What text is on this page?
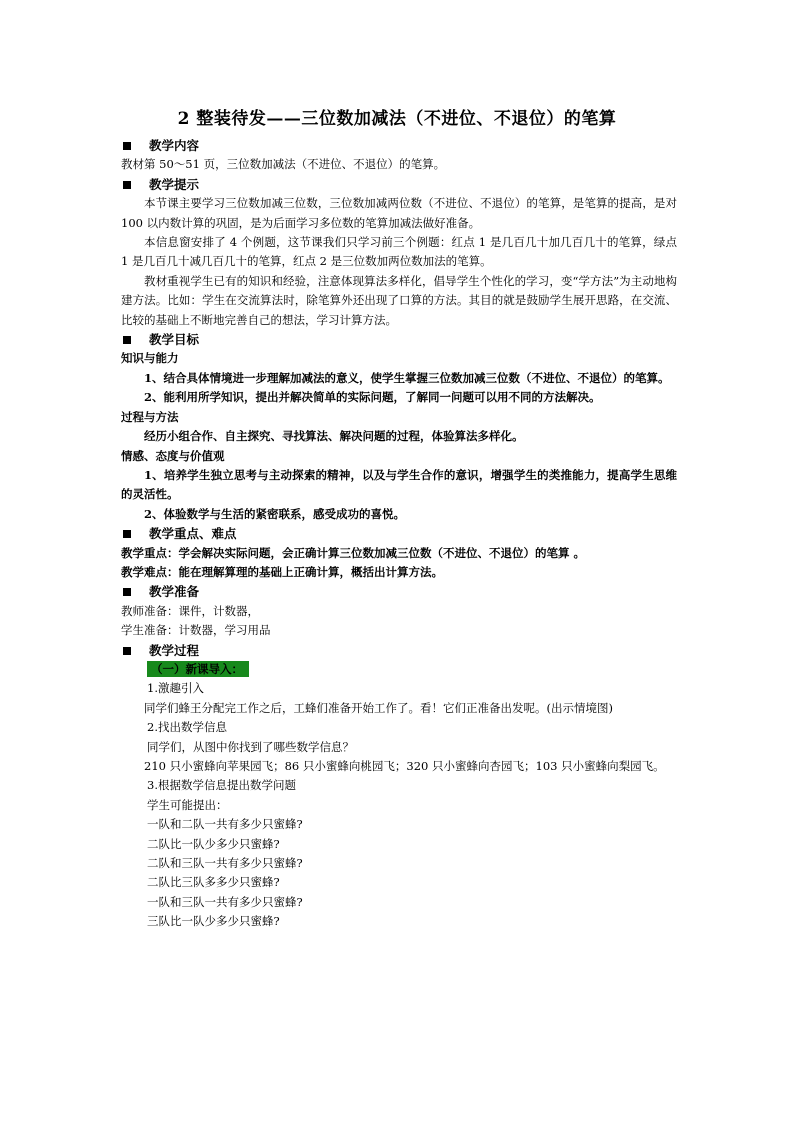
2 整装待发——三位数加减法（不进位、不退位）的笔算

教学内容

教材第 50～51 页，三位数加减法（不进位、不退位）的笔算。

教学提示

本节课主要学习三位数加减三位数，三位数加减两位数（不进位、不退位）的笔算，是笔算的提高，是对 100 以内数计算的巩固，是为后面学习多位数的笔算加减法做好准备。

本信息窗安排了 4 个例题，这节课我们只学习前三个例题：红点 1 是几百几十加几百几十的笔算，绿点 1 是几百几十减几百几十的笔算，红点 2 是三位数加两位数加法的笔算。

教材重视学生已有的知识和经验，注意体现算法多样化，倡导学生个性化的学习，变“学方法”为主动地构建方法。比如：学生在交流算法时，除笔算外还出现了口算的方法。其目的就是鼓励学生展开思路，在交流、比较的基础上不断地完善自己的想法，学习计算方法。

教学目标

知识与能力

1、结合具体情境进一步理解加减法的意义，使学生掌握三位数加减三位数（不进位、不退位）的笔算。

2、能利用所学知识，提出并解决简单的实际问题，了解同一问题可以用不同的方法解决。

过程与方法

经历小组合作、自主探究、寻找算法、解决问题的过程，体验算法多样化。

情感、态度与价值观

1、培养学生独立思考与主动探索的精神，以及与学生合作的意识，增强学生的类推能力，提高学生思维的灵活性。

2、体验数学与生活的紧密联系，感受成功的喜悦。

教学重点、难点

教学重点：学会解决实际问题，会正确计算三位数加减三位数（不进位、不退位）的笔算 。

教学难点：能在理解算理的基础上正确计算，概括出计算方法。

教学准备

教师准备：课件，计数器，

学生准备：计数器，学习用品

教学过程

（一）新课导入：

1.激趣引入

同学们蜂王分配完工作之后，工蜂们准备开始工作了。看！它们正准备出发呢。(出示情境图)

2.找出数学信息

同学们，从图中你找到了哪些数学信息？

210 只小蜜蜂向苹果园飞；86 只小蜜蜂向桃园飞；320 只小蜜蜂向杏园飞；103 只小蜜蜂向梨园飞。

3.根据数学信息提出数学问题

学生可能提出：

一队和二队一共有多少只蜜蜂?

二队比一队少多少只蜜蜂?

二队和三队一共有多少只蜜蜂?

二队比三队多多少只蜜蜂?

一队和三队一共有多少只蜜蜂?

三队比一队少多少只蜜蜂?
